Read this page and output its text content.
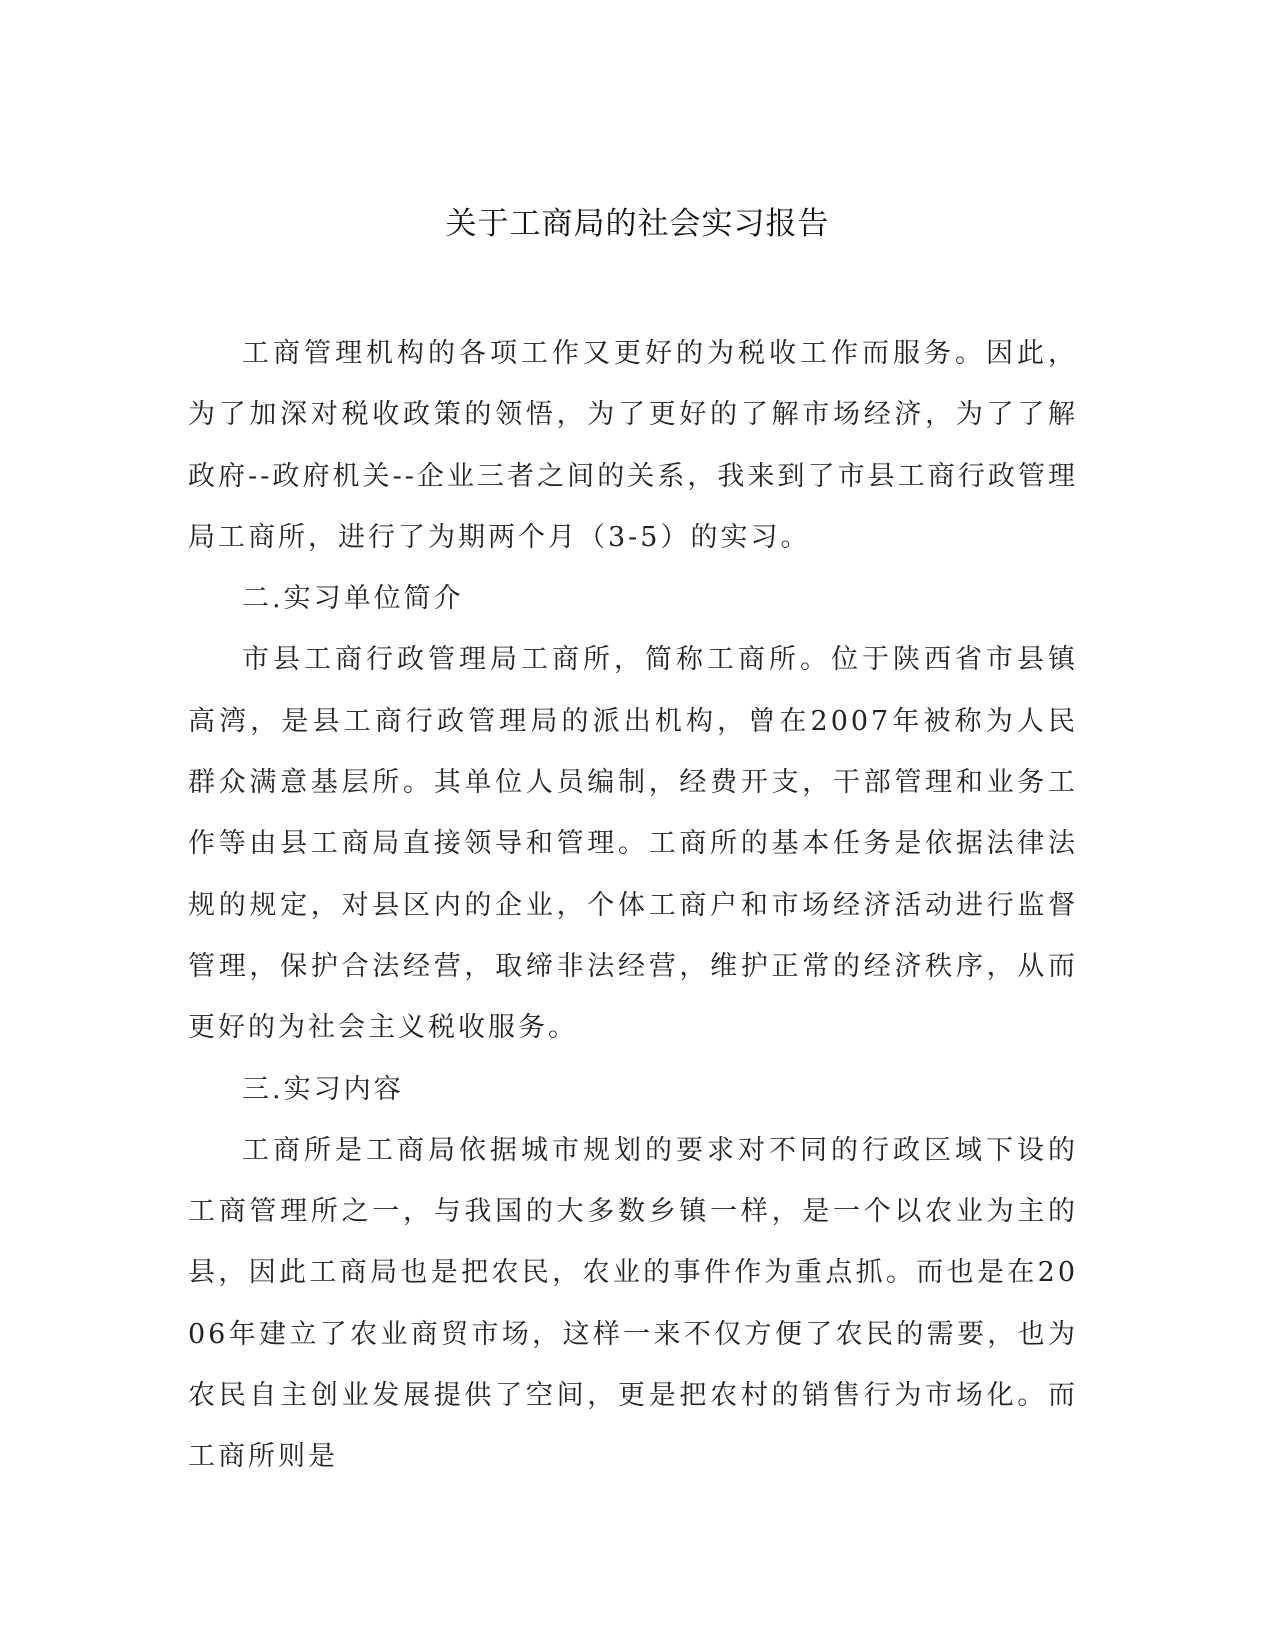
关于工商局的社会实习报告

工商管理机构的各项工作又更好的为税收工作而服务。因此，为了加深对税收政策的领悟，为了更好的了解市场经济，为了了解政府--政府机关--企业三者之间的关系，我来到了市县工商行政管理局工商所，进行了为期两个月（3-5）的实习。

二.实习单位简介

市县工商行政管理局工商所，简称工商所。位于陕西省市县镇高湾，是县工商行政管理局的派出机构，曾在2007年被称为人民群众满意基层所。其单位人员编制，经费开支，干部管理和业务工作等由县工商局直接领导和管理。工商所的基本任务是依据法律法规的规定，对县区内的企业，个体工商户和市场经济活动进行监督管理，保护合法经营，取缔非法经营，维护正常的经济秩序，从而更好的为社会主义税收服务。

三.实习内容

工商所是工商局依据城市规划的要求对不同的行政区域下设的工商管理所之一，与我国的大多数乡镇一样，是一个以农业为主的县，因此工商局也是把农民，农业的事件作为重点抓。而也是在2006年建立了农业商贸市场，这样一来不仅方便了农民的需要，也为农民自主创业发展提供了空间，更是把农村的销售行为市场化。而工商所则是
